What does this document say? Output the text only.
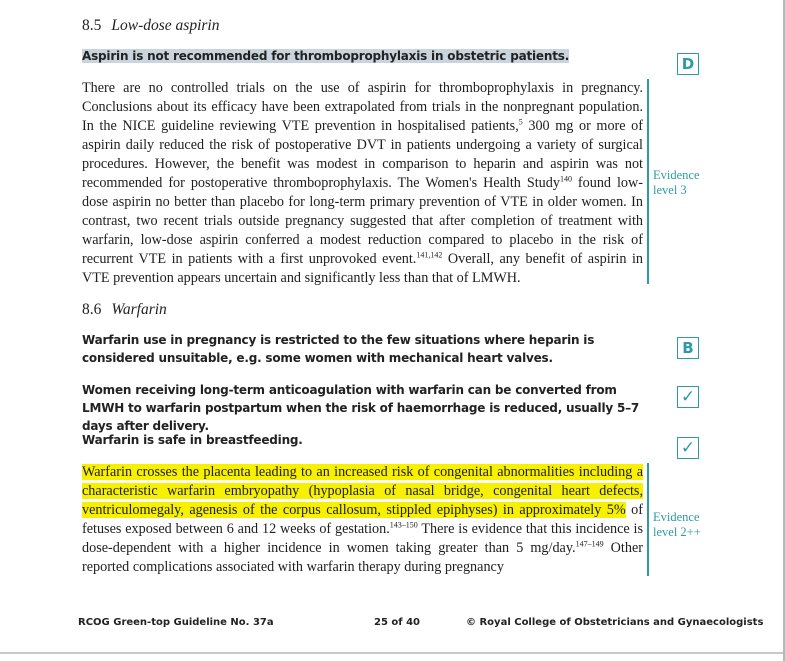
8.5 Low-dose aspirin
Aspirin is not recommended for thromboprophylaxis in obstetric patients.	D

There are no controlled trials on the use of aspirin for thromboprophylaxis in pregnancy. Conclusions about its efficacy have been extrapolated from trials in the nonpregnant population. In the NICE guideline reviewing VTE prevention in hospitalised patients,$^5$ 300 mg or more of aspirin daily reduced the risk of postoperative DVT in patients undergoing a variety of surgical procedures. However, the benefit was modest in comparison to heparin and aspirin was not recommended for postoperative thromboprophylaxis. The Women's Health Study$^{140}$ found low-dose aspirin no better than placebo for long-term primary prevention of VTE in older women. In contrast, two recent trials outside pregnancy suggested that after completion of treatment with warfarin, low-dose aspirin conferred a modest reduction compared to placebo in the risk of recurrent VTE in patients with a first unprovoked event.$^{141,142}$ Overall, any benefit of aspirin in VTE prevention appears uncertain and significantly less than that of LMWH.

Evidence
level 3
8.6 Warfarin

Warfarin use in pregnancy is restricted to the few situations where heparin is considered unsuitable, e.g. some women with mechanical heart valves.

B

Women receiving long-term anticoagulation with warfarin can be converted from LMWH to warfarin postpartum when the risk of haemorrhage is reduced, usually 5–7 days after delivery.

✓

Warfarin is safe in breastfeeding.	✓

Warfarin crosses the placenta leading to an increased risk of congenital abnormalities including a characteristic warfarin embryopathy (hypoplasia of nasal bridge, congenital heart defects, ventriculomegaly, agenesis of the corpus callosum, stippled epiphyses) in approximately 5% of fetuses exposed between 6 and 12 weeks of gestation.$^{143-150}$ There is evidence that this incidence is dose-dependent with a higher incidence in women taking greater than 5 mg/day.$^{147-149}$ Other reported complications associated with warfarin therapy during pregnancy

Evidence
level 2++
RCOG Green-top Guideline No. 37a	25 of 40	© Royal College of Obstetricians and Gynaecologists
